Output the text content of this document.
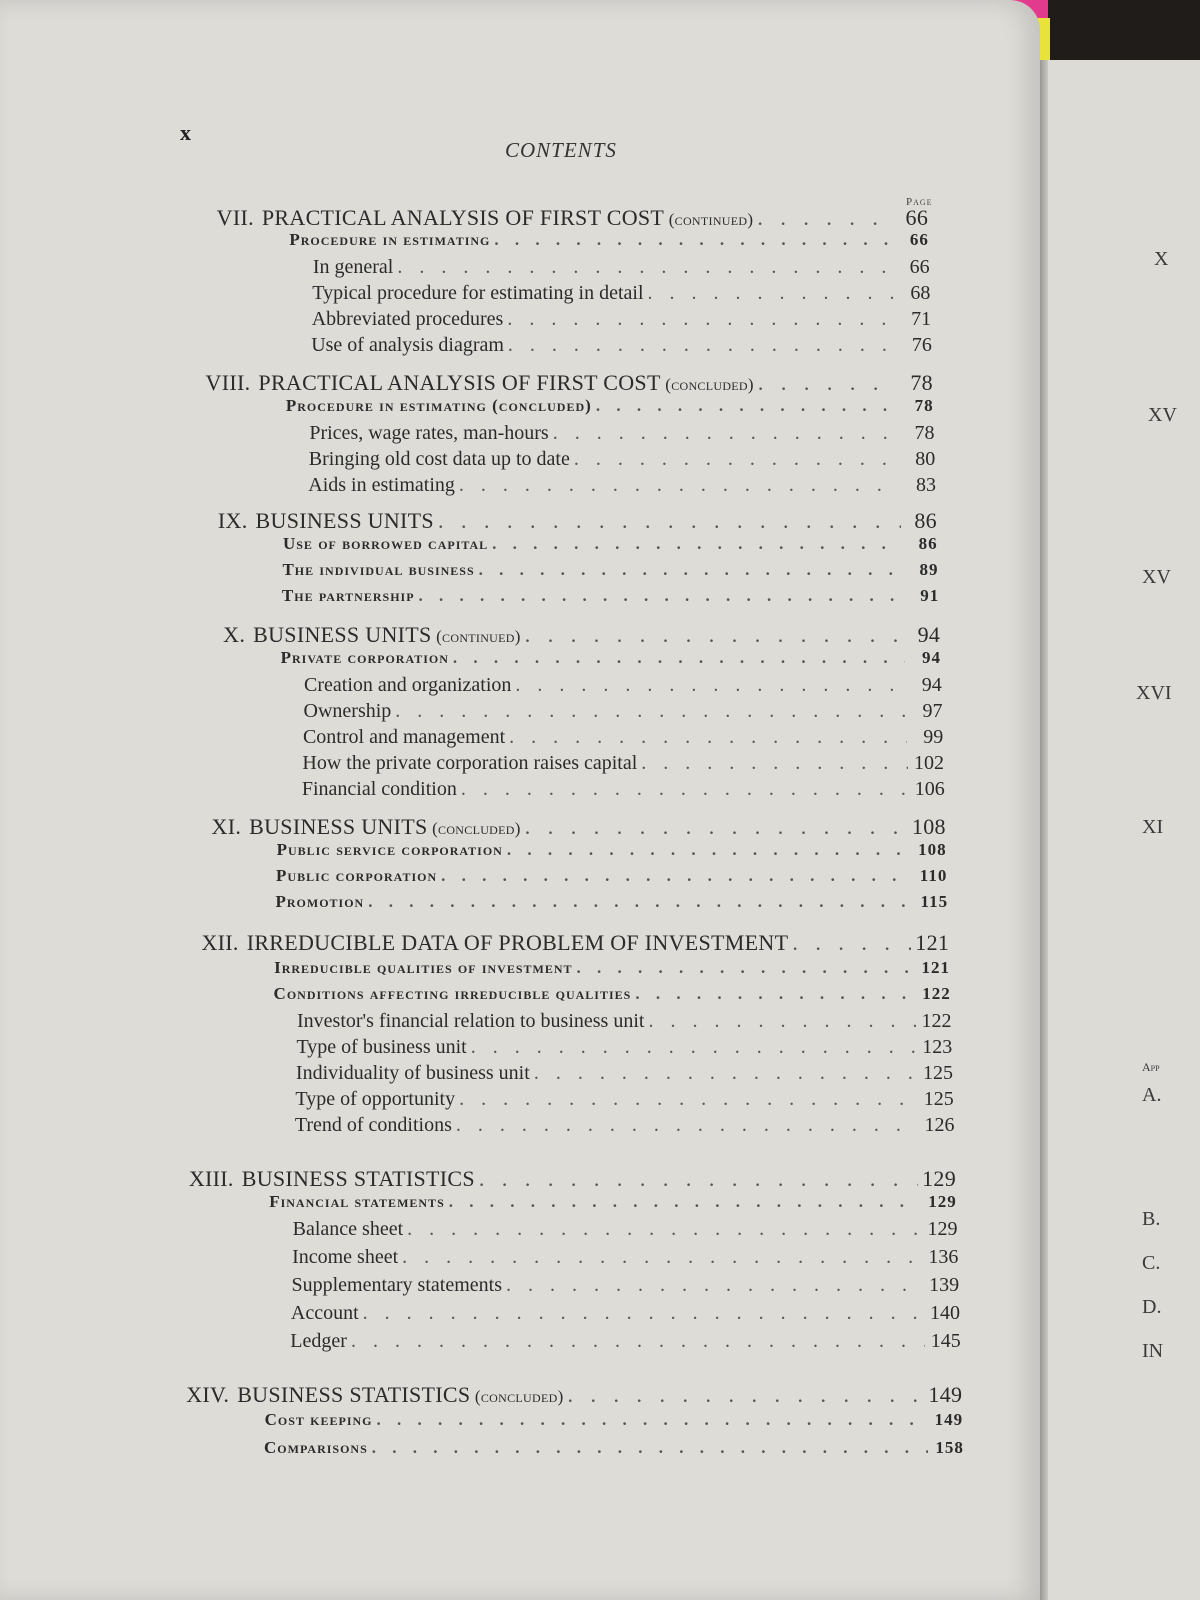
X
XV
XV
XVI
XI
App
A.
B.
C.
D.
IN
x
CONTENTS
Page
VII. PRACTICAL ANALYSIS OF FIRST COST (continued) . . .	66
Procedure in estimating . . .	66
In general . . .	66
Typical procedure for estimating in detail . . .	68
Abbreviated procedures . . .	71
Use of analysis diagram . . .	76
VIII. PRACTICAL ANALYSIS OF FIRST COST (concluded) . . .	78
Procedure in estimating (concluded) . . .	78
Prices, wage rates, man-hours . . .	78
Bringing old cost data up to date . . .	80
Aids in estimating . . .	83
IX. BUSINESS UNITS . . .	86
Use of borrowed capital . . .	86
The individual business . . .	89
The partnership . . .	91
X. BUSINESS UNITS (continued) . . .	94
Private corporation . . .	94
Creation and organization . . .	94
Ownership . . .	97
Control and management . . .	99
How the private corporation raises capital . . .	102
Financial condition . . .	106
XI. BUSINESS UNITS (concluded) . . .	108
Public service corporation . . .	108
Public corporation . . .	110
Promotion . . .	115
XII. IRREDUCIBLE DATA OF PROBLEM OF INVESTMENT . . .	121
Irreducible qualities of investment . . .	121
Conditions affecting irreducible qualities . . .	122
Investor's financial relation to business unit . . .	122
Type of business unit . . .	123
Individuality of business unit . . .	125
Type of opportunity . . .	125
Trend of conditions . . .	126
XIII. BUSINESS STATISTICS . . .	129
Financial statements . . .	129
Balance sheet . . .	129
Income sheet . . .	136
Supplementary statements . . .	139
Account . . .	140
Ledger . . .	145
XIV. BUSINESS STATISTICS (concluded) . . .	149
Cost keeping . . .	149
Comparisons . . .	158
